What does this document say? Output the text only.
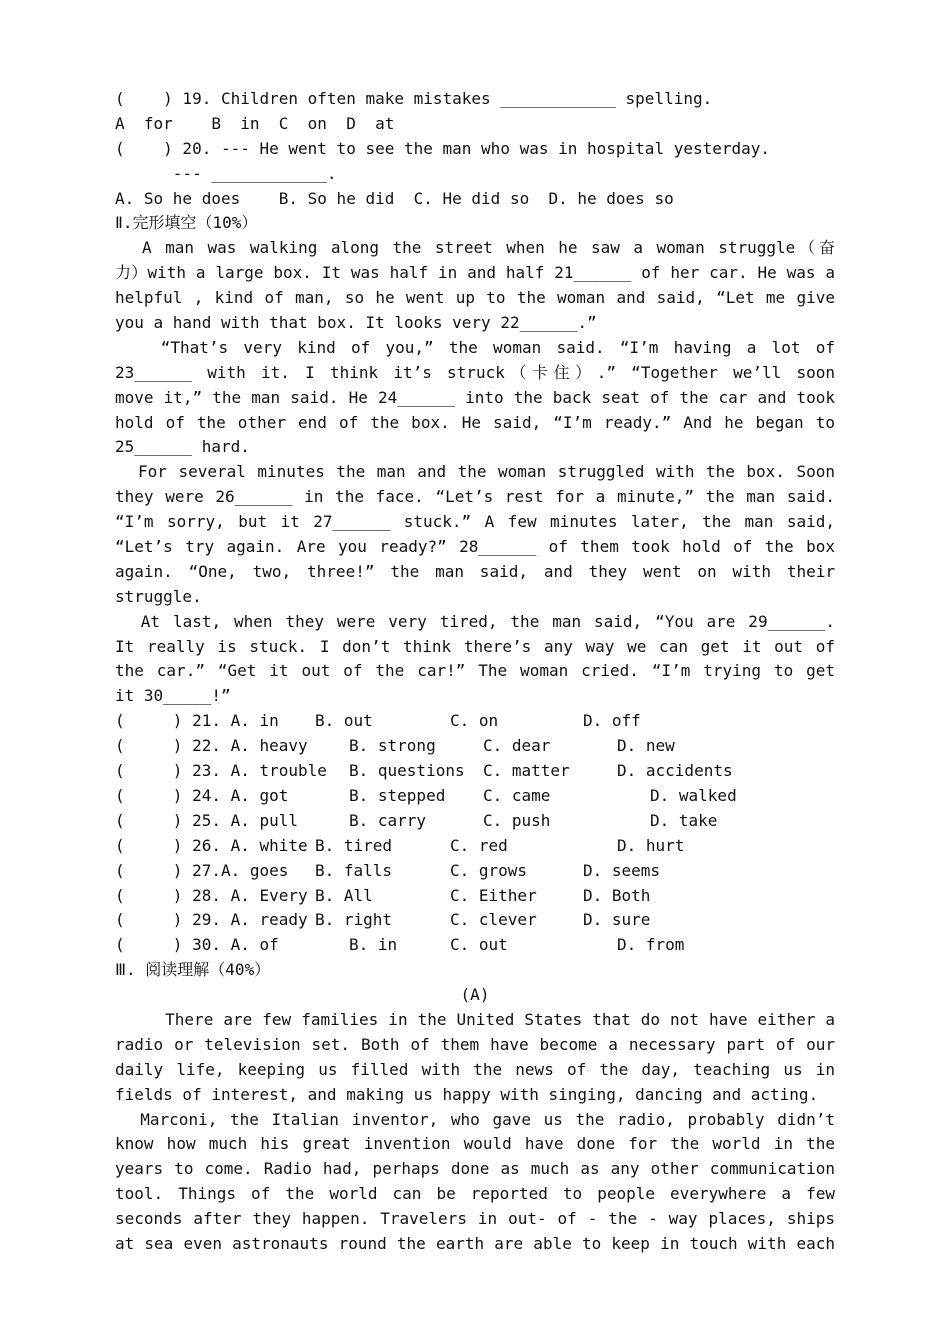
(    ) 19. Children often make mistakes ____________ spelling.
A  for    B  in  C  on  D  at
(    ) 20. --- He went to see the man who was in hospital yesterday.
--- ____________.
A. So he does    B. So he did  C. He did so  D. he does so
Ⅱ.完形填空（10%）
A man was walking along the street when he saw a woman struggle（奋
力）with a large box. It was half in and half 21______ of her car. He was a
helpful , kind of man, so he went up to the woman and said, “Let me give
you a hand with that box. It looks very 22______.”
“That’s very kind of you,” the woman said. “I’m having a lot of
23______ with it. I think it’s struck（卡住）.” “Together we’ll soon
move it,” the man said. He 24______ into the back seat of the car and took
hold of the other end of the box. He said, “I’m ready.” And he began to
25______ hard.
For several minutes the man and the woman struggled with the box. Soon
they were 26______ in the face. “Let’s rest for a minute,” the man said.
“I’m sorry, but it 27______ stuck.” A few minutes later, the man said,
“Let’s try again. Are you ready?” 28______ of them took hold of the box
again. “One, two, three!” the man said, and they went on with their
struggle.
At last, when they were very tired, the man said, “You are 29______.
It really is stuck. I don’t think there’s any way we can get it out of
the car.” “Get it out of the car!” The woman cried. “I’m trying to get
it 30_____!”
(     ) 21. A. in B. out	C. on	D. off
(     ) 22. A. heavy	B. strong	C. dear	D. new
(     ) 23. A. trouble B. questions C. matter	D. accidents
(     ) 24. A. got	B. stepped C. came	D. walked
(     ) 25. A. pull	B. carry	C. push	D. take
(     ) 26. A. white B. tired	C. red	D. hurt
(     ) 27.A. goes B. falls	C. grows	D. seems
(     ) 28. A. Every B. All	C. Either	D. Both
(     ) 29. A. ready B. right	C. clever	D. sure
(     ) 30. A. of	B. in	C. out	D. from
Ⅲ. 阅读理解（40%）
(A)
There are few families in the United States that do not have either a
radio or television set. Both of them have become a necessary part of our
daily life, keeping us filled with the news of the day, teaching us in
fields of interest, and making us happy with singing, dancing and acting.
Marconi, the Italian inventor, who gave us the radio, probably didn’t
know how much his great invention would have done for the world in the
years to come. Radio had, perhaps done as much as any other communication
tool. Things of the world can be reported to people everywhere a few
seconds after they happen. Travelers in out- of - the - way places, ships
at sea even astronauts round the earth are able to keep in touch with each
